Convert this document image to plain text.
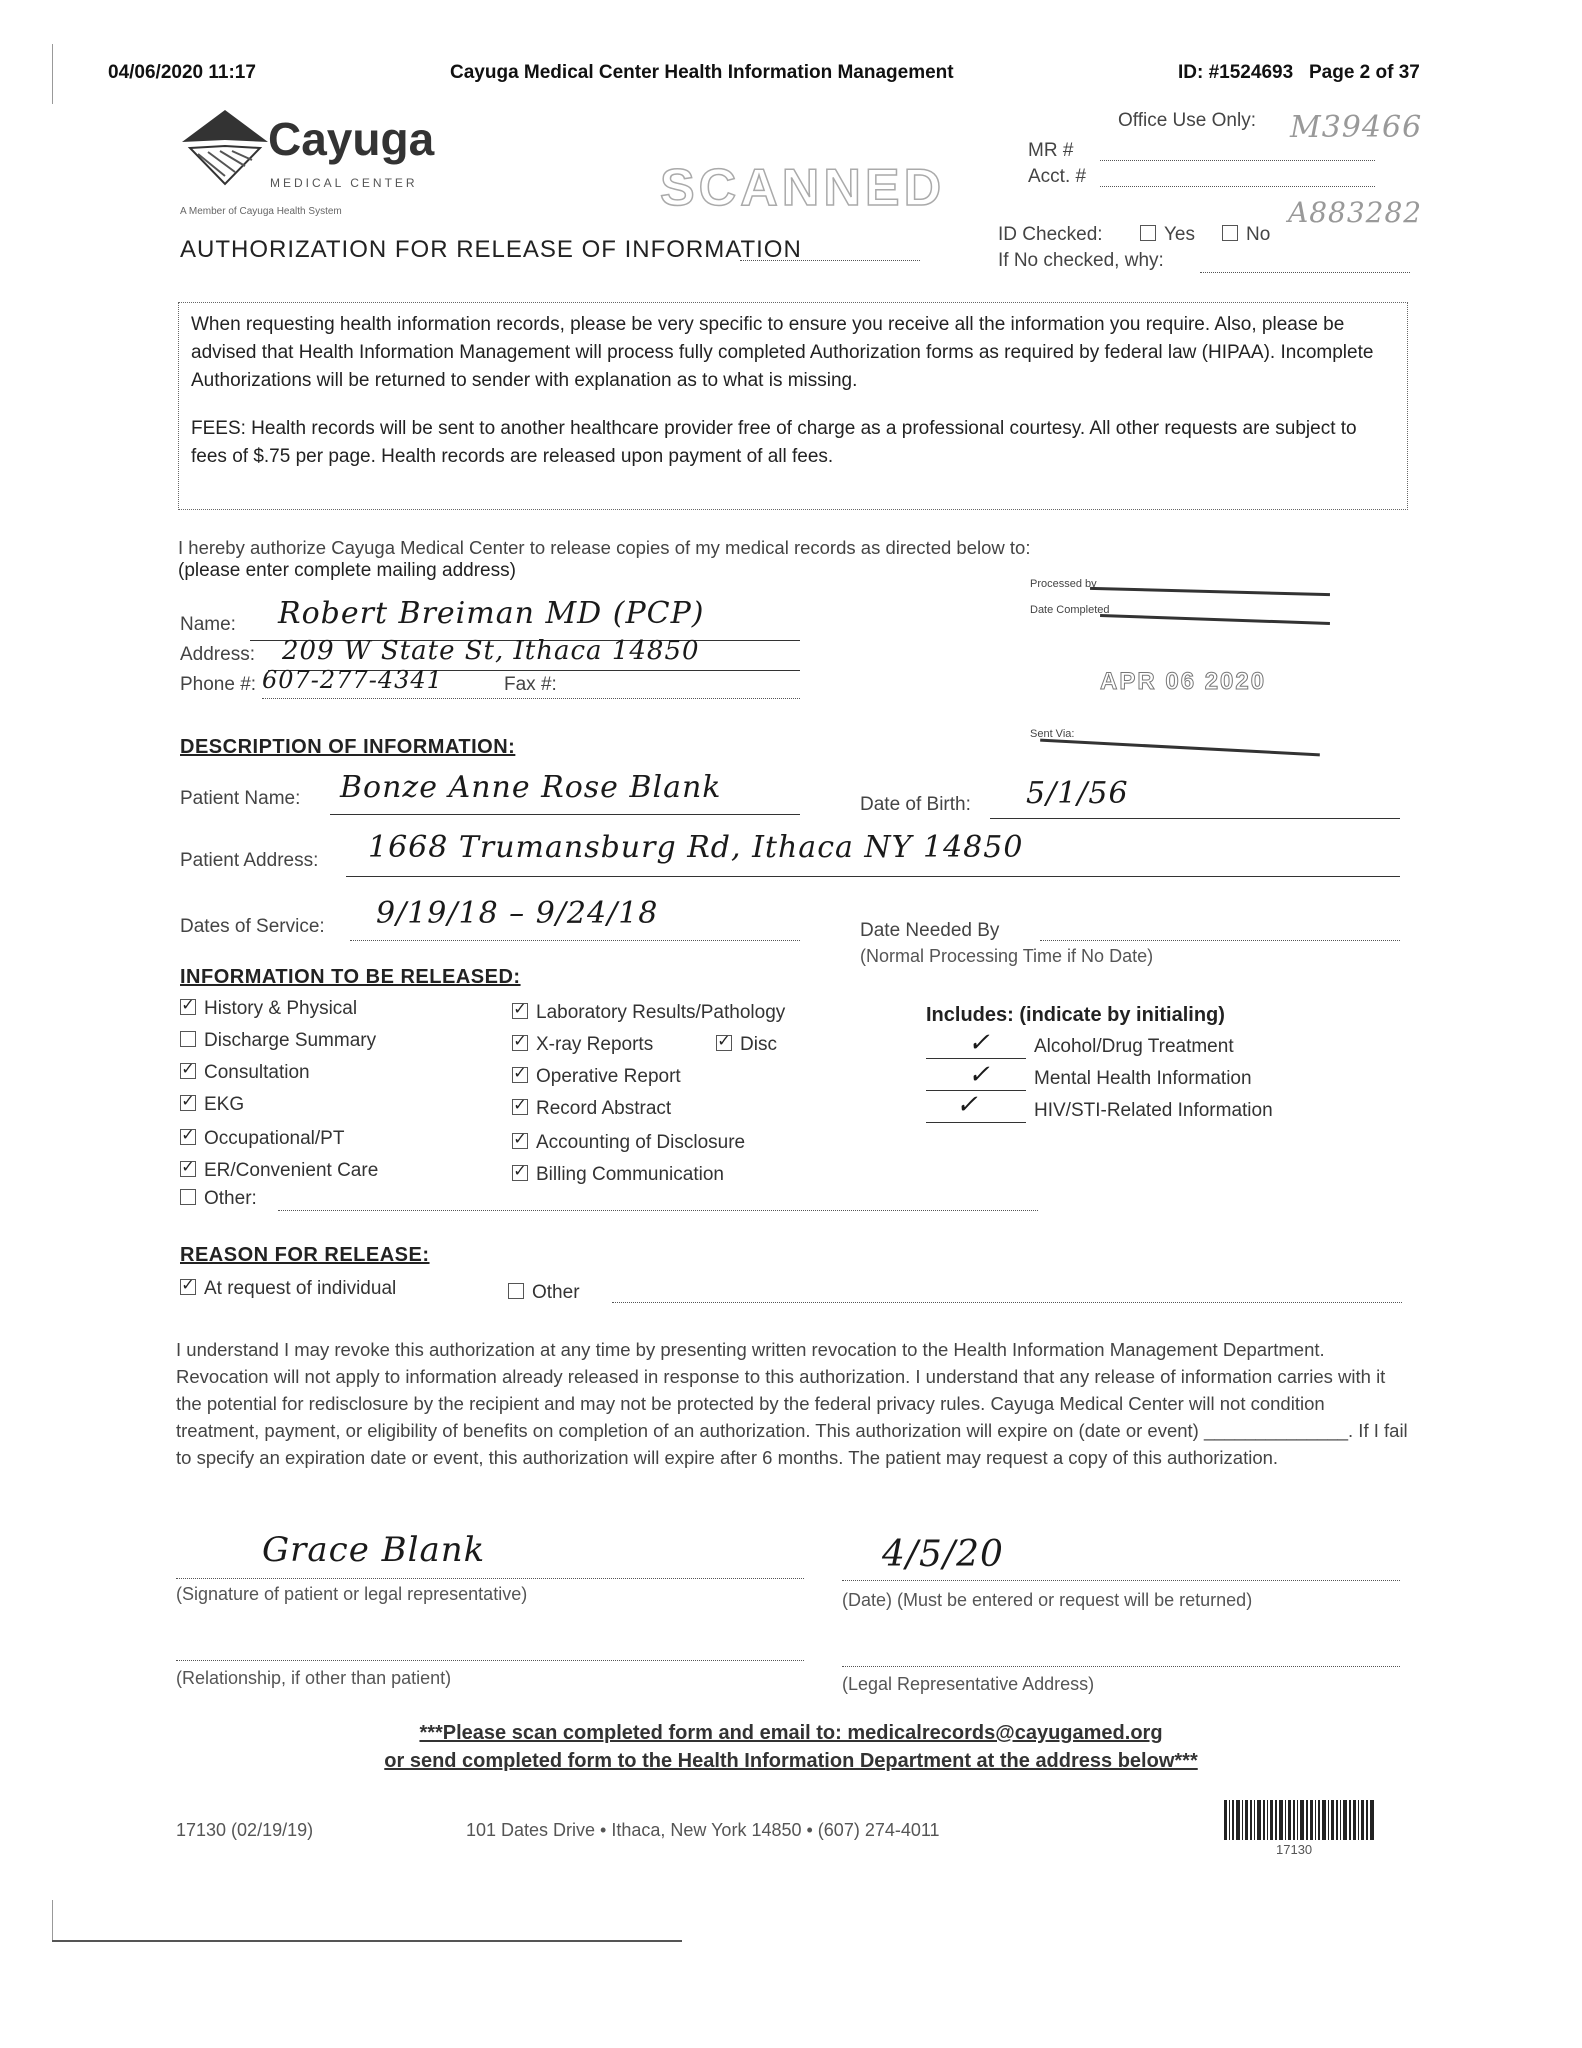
04/06/2020 11:17	Cayuga Medical Center Health Information Management	ID: #1524693   Page 2 of 37
Cayuga
MEDICAL CENTER
A Member of Cayuga Health System	SCANNED
AUTHORIZATION FOR RELEASE OF INFORMATION
Office Use Only: M39466
MR #
Acct. #
A883282
ID Checked:	Yes	No
If No checked, why:
When requesting health information records, please be very specific to ensure you receive all the information you require. Also, please be advised that Health Information Management will process fully completed Authorization forms as required by federal law (HIPAA). Incomplete Authorizations will be returned to sender with explanation as to what is missing.
FEES: Health records will be sent to another healthcare provider free of charge as a professional courtesy. All other requests are subject to fees of $.75 per page. Health records are released upon payment of all fees.
I hereby authorize Cayuga Medical Center to release copies of my medical records as directed below to:
(please enter complete mailing address)
Name: Robert Breiman MD (PCP)
Address: 209 W State St, Ithaca 14850
Phone #: 607-277-4341	Fax #:
Processed by
Date Completed
APR 06 2020
Sent Via:
DESCRIPTION OF INFORMATION:
Patient Name: Bonze Anne Rose Blank	Date of Birth: 5/1/56
Patient Address: 1668 Trumansburg Rd, Ithaca NY 14850
Dates of Service: 9/19/18 – 9/24/18	Date Needed By
(Normal Processing Time if No Date)
INFORMATION TO BE RELEASED:
✓ History & Physical
Discharge Summary
✓ Consultation
✓ EKG
✓ Occupational/PT
✓ ER/Convenient Care
Other:
✓ Laboratory Results/Pathology
✓ X-ray Reports	✓ Disc
✓ Operative Report
✓ Record Abstract
✓ Accounting of Disclosure
✓ Billing Communication
Includes: (indicate by initialing)
✓ Alcohol/Drug Treatment
✓ Mental Health Information
✓	HIV/STI-Related Information
REASON FOR RELEASE:
✓ At request of individual	Other
I understand I may revoke this authorization at any time by presenting written revocation to the Health Information Management Department. Revocation will not apply to information already released in response to this authorization. I understand that any release of information carries with it the potential for redisclosure by the recipient and may not be protected by the federal privacy rules. Cayuga Medical Center will not condition treatment, payment, or eligibility of benefits on completion of an authorization. This authorization will expire on (date or event) ______________. If I fail to specify an expiration date or event, this authorization will expire after 6 months. The patient may request a copy of this authorization.
Grace Blank
(Signature of patient or legal representative)
4/5/20
(Date) (Must be entered or request will be returned)
(Relationship, if other than patient)	(Legal Representative Address)
***Please scan completed form and email to: medicalrecords@cayugamed.org
or send completed form to the Health Information Department at the address below***
17130 (02/19/19)	101 Dates Drive • Ithaca, New York 14850 • (607) 274-4011
17130
